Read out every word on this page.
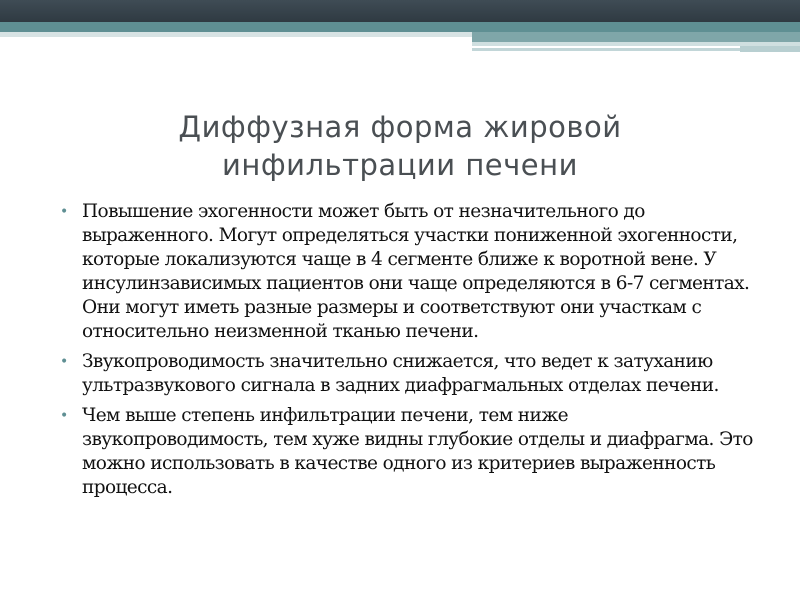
Диффузная форма жировой
инфильтрации печени
• Повышение эхогенности может быть от незначительного до выраженного. Могут определяться участки пониженной эхогенности, которые локализуются чаще в 4 сегменте ближе к воротной вене. У инсулинзависимых пациентов они чаще определяются в 6-7 сегментах. Они могут иметь разные размеры и соответствуют они участкам с относительно неизменной тканью печени.
• Звукопроводимость значительно снижается, что ведет к затуханию ультразвукового сигнала в задних диафрагмальных отделах печени.
• Чем выше степень инфильтрации печени, тем ниже звукопроводимость, тем хуже видны глубокие отделы и диафрагма. Это можно использовать в качестве одного из критериев выраженность процесса.
